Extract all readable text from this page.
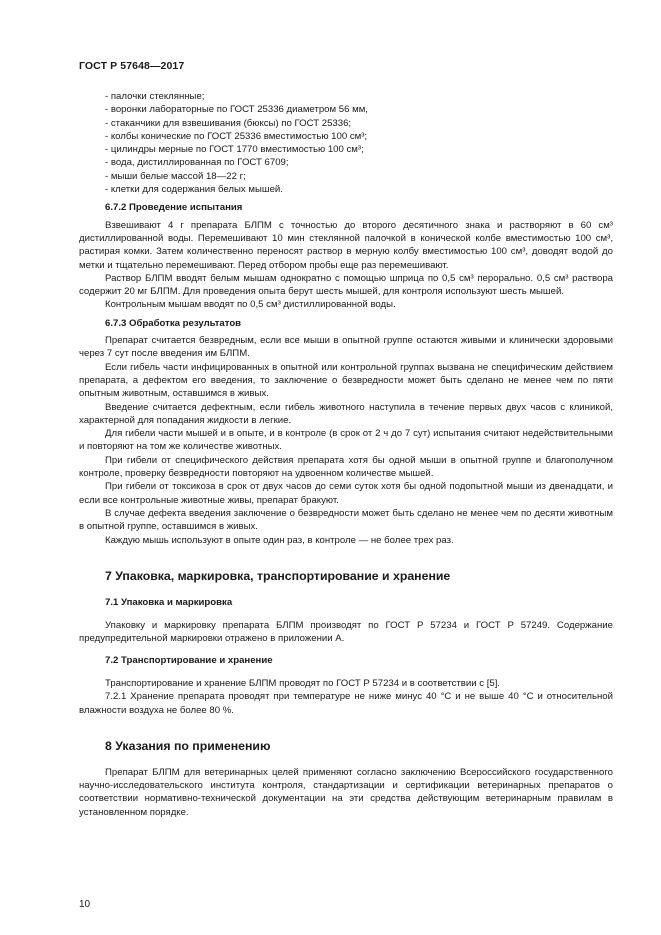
ГОСТ Р 57648—2017
- палочки стеклянные;
- воронки лабораторные по ГОСТ 25336 диаметром 56 мм,
- стаканчики для взвешивания (бюксы) по ГОСТ 25336;
- колбы конические по ГОСТ 25336 вместимостью 100 см³;
- цилиндры мерные по ГОСТ 1770 вместимостью 100 см³;
- вода, дистиллированная по ГОСТ 6709;
- мыши белые массой 18—22 г;
- клетки для содержания белых мышей.
6.7.2 Проведение испытания

Взвешивают 4 г препарата БЛПМ с точностью до второго десятичного знака и растворяют в 60 см³ дистиллированной воды. Перемешивают 10 мин стеклянной палочкой в конической колбе вместимостью 100 см³, растирая комки. Затем количественно переносят раствор в мерную колбу вместимостью 100 см³, доводят водой до метки и тщательно перемешивают. Перед отбором пробы еще раз перемешивают.

Раствор БЛПМ вводят белым мышам однократно с помощью шприца по 0,5 см³ перорально. 0,5 см³ раствора содержит 20 мг БЛПМ. Для проведения опыта берут шесть мышей, для контроля используют шесть мышей.

Контрольным мышам вводят по 0,5 см³ дистиллированной воды.

6.7.3 Обработка результатов

Препарат считается безвредным, если все мыши в опытной группе остаются живыми и клинически здоровыми через 7 сут после введения им БЛПМ.

Если гибель части инфицированных в опытной или контрольной группах вызвана не специфическим действием препарата, а дефектом его введения, то заключение о безвредности может быть сделано не менее чем по пяти опытным животным, оставшимся в живых.

Введение считается дефектным, если гибель животного наступила в течение первых двух часов с клиникой, характерной для попадания жидкости в легкие.

Для гибели части мышей и в опыте, и в контроле (в срок от 2 ч до 7 сут) испытания считают недействительными и повторяют на том же количестве животных.

При гибели от специфического действия препарата хотя бы одной мыши в опытной группе и благополучном контроле, проверку безвредности повторяют на удвоенном количестве мышей.

При гибели от токсикоза в срок от двух часов до семи суток хотя бы одной подопытной мыши из двенадцати, и если все контрольные животные живы, препарат бракуют.

В случае дефекта введения заключение о безвредности может быть сделано не менее чем по десяти животным в опытной группе, оставшимся в живых.

Каждую мышь используют в опыте один раз, в контроле — не более трех раз.

7 Упаковка, маркировка, транспортирование и хранение
7.1 Упаковка и маркировка

Упаковку и маркировку препарата БЛПМ производят по ГОСТ Р 57234 и ГОСТ Р 57249. Содержание предупредительной маркировки отражено в приложении А.

7.2 Транспортирование и хранение

Транспортирование и хранение БЛПМ проводят по ГОСТ Р 57234 и в соответствии с [5].

7.2.1 Хранение препарата проводят при температуре не ниже минус 40 °С и не выше 40 °С и относительной влажности воздуха не более 80 %.

8 Указания по применению

Препарат БЛПМ для ветеринарных целей применяют согласно заключению Всероссийского государственного научно-исследовательского института контроля, стандартизации и сертификации ветеринарных препаратов о соответствии нормативно-технической документации на эти средства действующим ветеринарным правилам в установленном порядке.

10
